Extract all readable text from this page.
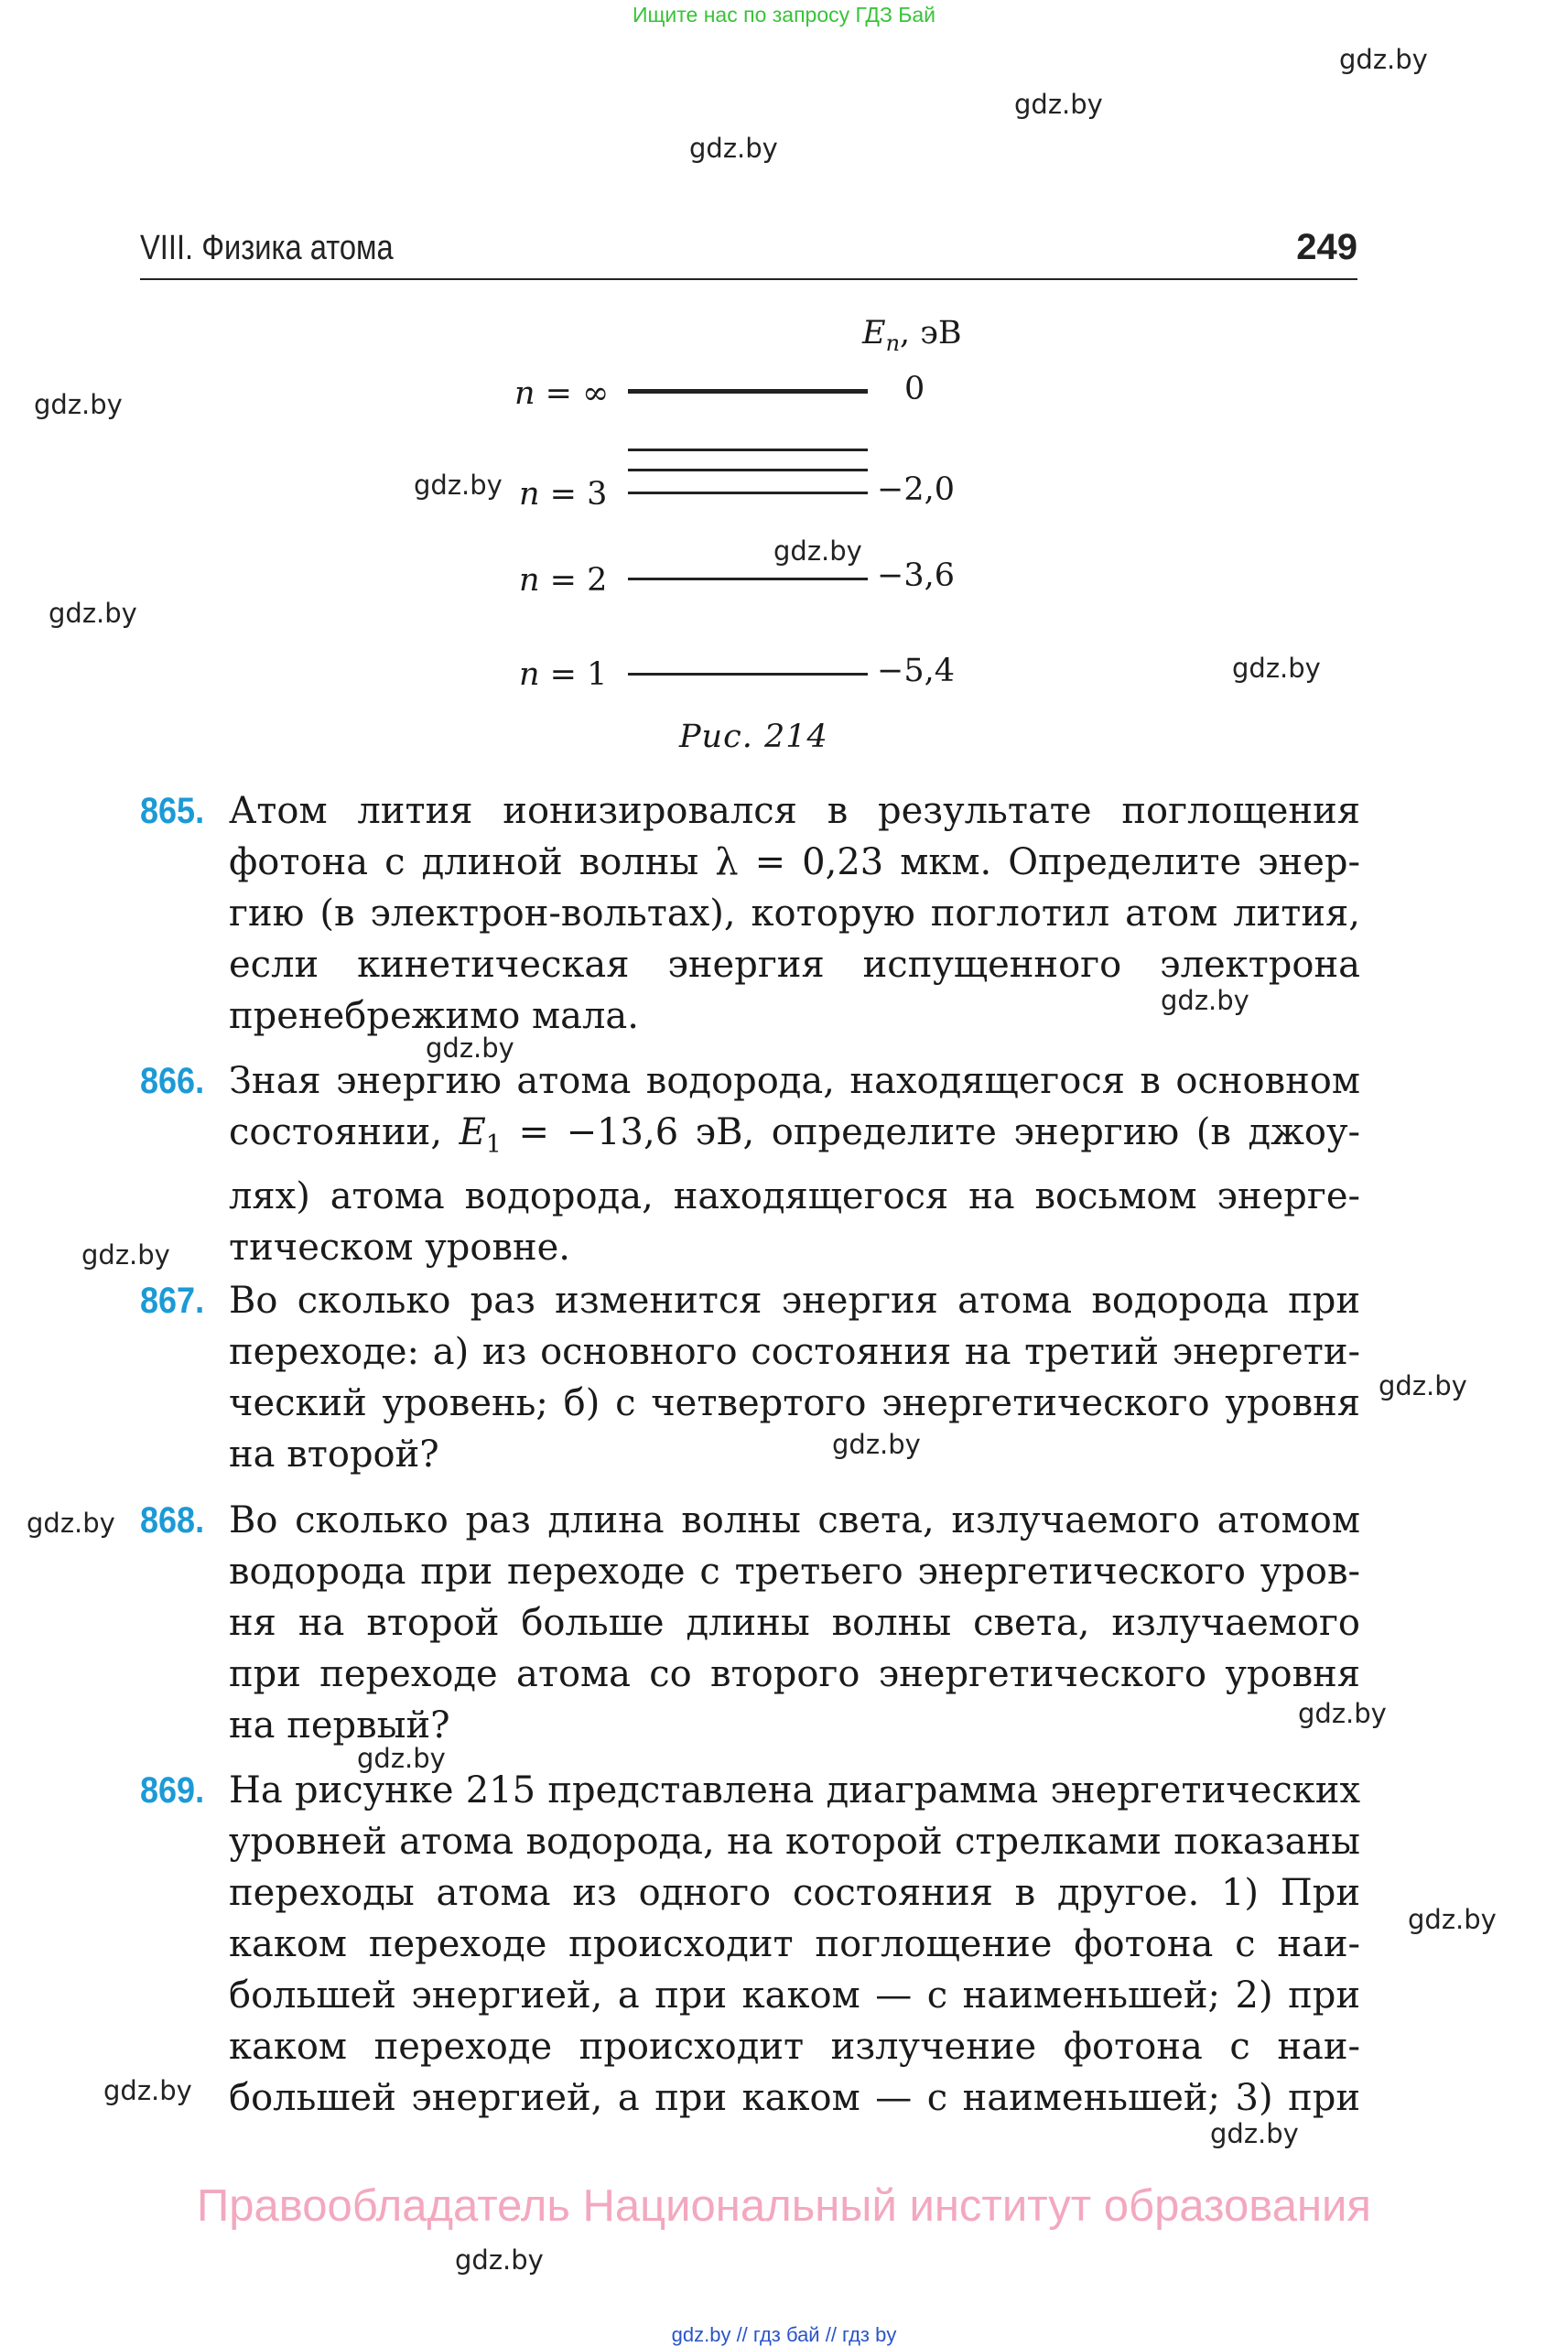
Ищите нас по запросу ГДЗ Бай
gdz.by
gdz.by
gdz.by
gdz.by
gdz.by
gdz.by
gdz.by
gdz.by
gdz.by
gdz.by
gdz.by
gdz.by
gdz.by
gdz.by
gdz.by
gdz.by
gdz.by
gdz.by
gdz.by
gdz.by
VIII. Физика атома	249
$E_n$, эВ
n = ∞	0
n = 3	−2,0
n = 2	−3,6
n = 1	−5,4
Рис. 214
865. Атом лития ионизировался в результате поглощения фотона с длиной волны λ = 0,23 мкм. Определите энергию (в электрон-вольтах), которую поглотил атом лития, если кинетическая энергия испущенного электрона пренебрежимо мала.
866. Зная энергию атома водорода, находящегося в основном состоянии, $E_1 = -13,6$ эВ, определите энергию (в джоулях) атома водорода, находящегося на восьмом энергетическом уровне.
867. Во сколько раз изменится энергия атома водорода при переходе: а) из основного состояния на третий энергетический уровень; б) с четвертого энергетического уровня на второй?
868. Во сколько раз длина волны света, излучаемого атомом водорода при переходе с третьего энергетического уровня на второй больше длины волны света, излучаемого при переходе атома со второго энергетического уровня на первый?
869. На рисунке 215 представлена диаграмма энергетических уровней атома водорода, на которой стрелками показаны переходы атома из одного состояния в другое. 1) При каком переходе происходит поглощение фотона с наибольшей энергией, а при каком — с наименьшей; 2) при каком переходе происходит излучение фотона с наибольшей энергией, а при каком — с наименьшей; 3) при
Правообладатель Национальный институт образования
gdz.by // гдз бай // гдз by
